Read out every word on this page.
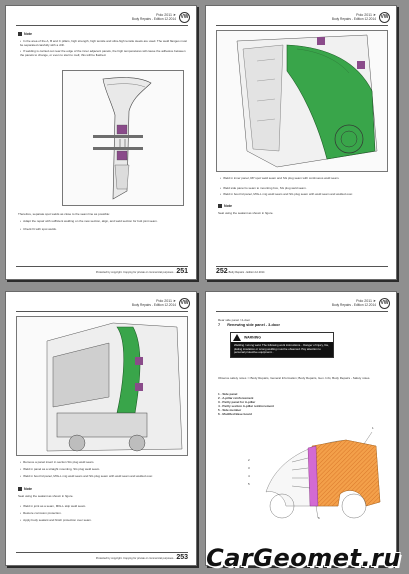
Polo 2011 ➤
Body Repairs - Edition 12.2014 VW
Note
• In the area of the A, B and C pillars, high strength, high tensile and ultra-high tensile steels are used. The weld flanges must be separated carefully with a drill.
• If welding is carried out near the edge of the inner adjacent panels, the high temperatures will cause the adhesive between the panels to change, or even to start to melt; this will be flashed.
Therefore, separate spot welds as close to the seam line as possible:
• Adapt the repair with sufficient welding on the new section, align, and weld section for butt joint seam.
• Check fit with spot welds.
Protected by copyright. Copying for private or commercial purposes... 251
Polo 2011 ➤
Body Repairs - Edition 12.2014 VW
• Weld in inner panel, RP spot weld seam and SG plug seam with continuous weld seam.
• Weld side panel to seam to mounting box, SG plug weld seam.
• Weld in boot lid panel, MIG-L mig weld seam and SG plug seam with weld seam and welded over.
Note
Seal using the sealant as shown in figure.
252 Body Repairs - Edition 12.2014
Polo 2011 ➤
Body Repairs - Edition 12.2014 VW
• Remove a panel insert in section SG plug weld seam.
• Weld in panel as a straight mounting, SG plug weld seam.
• Weld in boot lid panel, MIG-L mig weld seam and SG plug seam with weld seam and welded over.
Note
Seal using the sealant as shown in figure.
• Weld in joint as a seam, MIG-L skip weld seam.
• Restore corrosion protection.
• Apply body sealant and finish protection over seam.
Protected by copyright. Copying for private or commercial purposes... 253
Polo 2011 ➤
Body Repairs - Edition 12.2014 VW
Rear side panel / 2-door
7 Renewing side panel - 3-door
WARNING
Welding / wrong weld. The following work instructions... Danger of injury, fire, plating insulation or wrong welding must be observed. Pay attention to personal protective equipment...
Observe safety notes ⇒ Body Repairs, General Information; Body Repairs, Gen. Info; Body Repairs - Safety notes.
1 - Side panel
2 - A-pillar reinforcement
3 - Partly panel for A-pillar
4 - Partly section A-pillar reinforcement
5 - Side member
6 - Modified Base board
2
3
4
5
1
6
CarGeomet.ru
